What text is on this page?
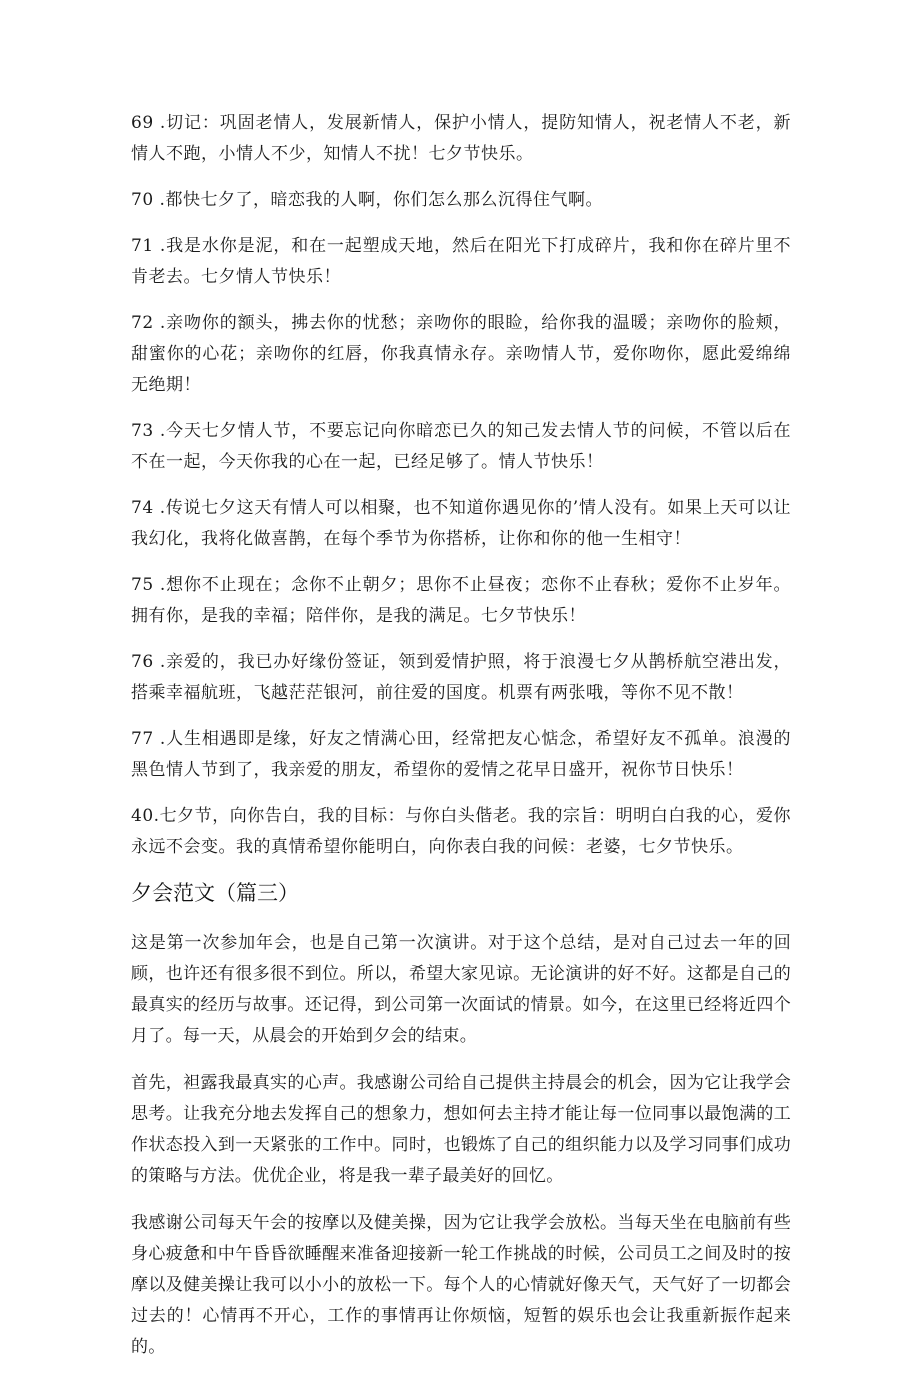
69 .切记：巩固老情人，发展新情人，保护小情人，提防知情人，祝老情人不老，新情人不跑，小情人不少，知情人不扰！七夕节快乐。

70 .都快七夕了，暗恋我的人啊，你们怎么那么沉得住气啊。

71 .我是水你是泥，和在一起塑成天地，然后在阳光下打成碎片，我和你在碎片里不肯老去。七夕情人节快乐！

72 .亲吻你的额头，拂去你的忧愁；亲吻你的眼睑，给你我的温暖；亲吻你的脸颊，甜蜜你的心花；亲吻你的红唇，你我真情永存。亲吻情人节，爱你吻你，愿此爱绵绵无绝期！

73 .今天七夕情人节，不要忘记向你暗恋已久的知己发去情人节的问候，不管以后在不在一起，今天你我的心在一起，已经足够了。情人节快乐！

74 .传说七夕这天有情人可以相聚，也不知道你遇见你的’情人没有。如果上天可以让我幻化，我将化做喜鹊，在每个季节为你搭桥，让你和你的他一生相守！

75 .想你不止现在；念你不止朝夕；思你不止昼夜；恋你不止春秋；爱你不止岁年。拥有你，是我的幸福；陪伴你，是我的满足。七夕节快乐！

76 .亲爱的，我已办好缘份签证，领到爱情护照，将于浪漫七夕从鹊桥航空港出发，搭乘幸福航班，飞越茫茫银河，前往爱的国度。机票有两张哦，等你不见不散！

77 .人生相遇即是缘，好友之情满心田，经常把友心惦念，希望好友不孤单。浪漫的黑色情人节到了，我亲爱的朋友，希望你的爱情之花早日盛开，祝你节日快乐！

40.七夕节，向你告白，我的目标：与你白头偕老。我的宗旨：明明白白我的心，爱你永远不会变。我的真情希望你能明白，向你表白我的问候：老婆，七夕节快乐。

夕会范文（篇三）

这是第一次参加年会，也是自己第一次演讲。对于这个总结，是对自己过去一年的回顾，也许还有很多很不到位。所以，希望大家见谅。无论演讲的好不好。这都是自己的最真实的经历与故事。还记得，到公司第一次面试的情景。如今，在这里已经将近四个月了。每一天，从晨会的开始到夕会的结束。

首先，袒露我最真实的心声。我感谢公司给自己提供主持晨会的机会，因为它让我学会思考。让我充分地去发挥自己的想象力，想如何去主持才能让每一位同事以最饱满的工作状态投入到一天紧张的工作中。同时，也锻炼了自己的组织能力以及学习同事们成功的策略与方法。优优企业，将是我一辈子最美好的回忆。

我感谢公司每天午会的按摩以及健美操，因为它让我学会放松。当每天坐在电脑前有些身心疲惫和中午昏昏欲睡醒来准备迎接新一轮工作挑战的时候，公司员工之间及时的按摩以及健美操让我可以小小的放松一下。每个人的心情就好像天气，天气好了一切都会过去的！心情再不开心，工作的事情再让你烦恼，短暂的娱乐也会让我重新振作起来的。
